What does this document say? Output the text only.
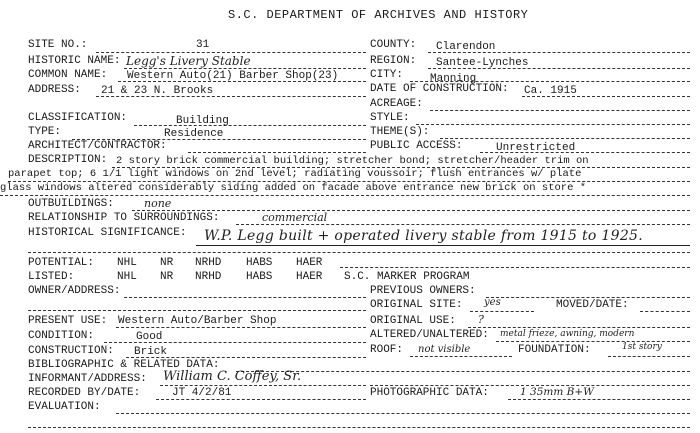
S.C. DEPARTMENT OF ARCHIVES AND HISTORY
SITE NO.:	31	COUNTY: Clarendon
HISTORIC NAME: Legg's Livery Stable	REGION: Santee-Lynches
COMMON NAME: Western Auto(21) Barber Shop(23)	CITY: Manning
ADDRESS: 21 & 23 N. Brooks	DATE OF CONSTRUCTION: Ca. 1915
ACREAGE:
CLASSIFICATION:	Building	STYLE:
TYPE:	Residence	THEME(S):
ARCHITECT/CONTRACTOR:	PUBLIC ACCESS:	Unrestricted
DESCRIPTION: 2 story brick commercial building; stretcher bond; stretcher/header trim on
parapet top; 6 1/1 light windows on 2nd level; radiating voussoir; flush entrances w/ plate
glass windows altered considerably siding added on facade above entrance new brick on store *
OUTBUILDINGS:	none
RELATIONSHIP TO SURROUNDINGS:	commercial
HISTORICAL SIGNIFICANCE: W.P. Legg built + operated livery stable from 1915 to 1925.
POTENTIAL: NHL NR NRHD HABS HAER
LISTED:	NHL NR NRHD HABS HAER S.C. MARKER PROGRAM
OWNER/ADDRESS:	PREVIOUS OWNERS:
ORIGINAL SITE: yes	MOVED/DATE:
PRESENT USE: Western Auto/Barber Shop	ORIGINAL USE: ?
CONDITION:	Good	ALTERED/UNALTERED: metal frieze, awning, modern
CONSTRUCTION: Brick	ROOF: not visible	FOUNDATION:	1st story
BIBLIOGRAPHIC & RELATED DATA:
INFORMANT/ADDRESS: William C. Coffey, Sr.
RECORDED BY/DATE:	JT 4/2/81	PHOTOGRAPHIC DATA:	1 35mm B+W
EVALUATION:
